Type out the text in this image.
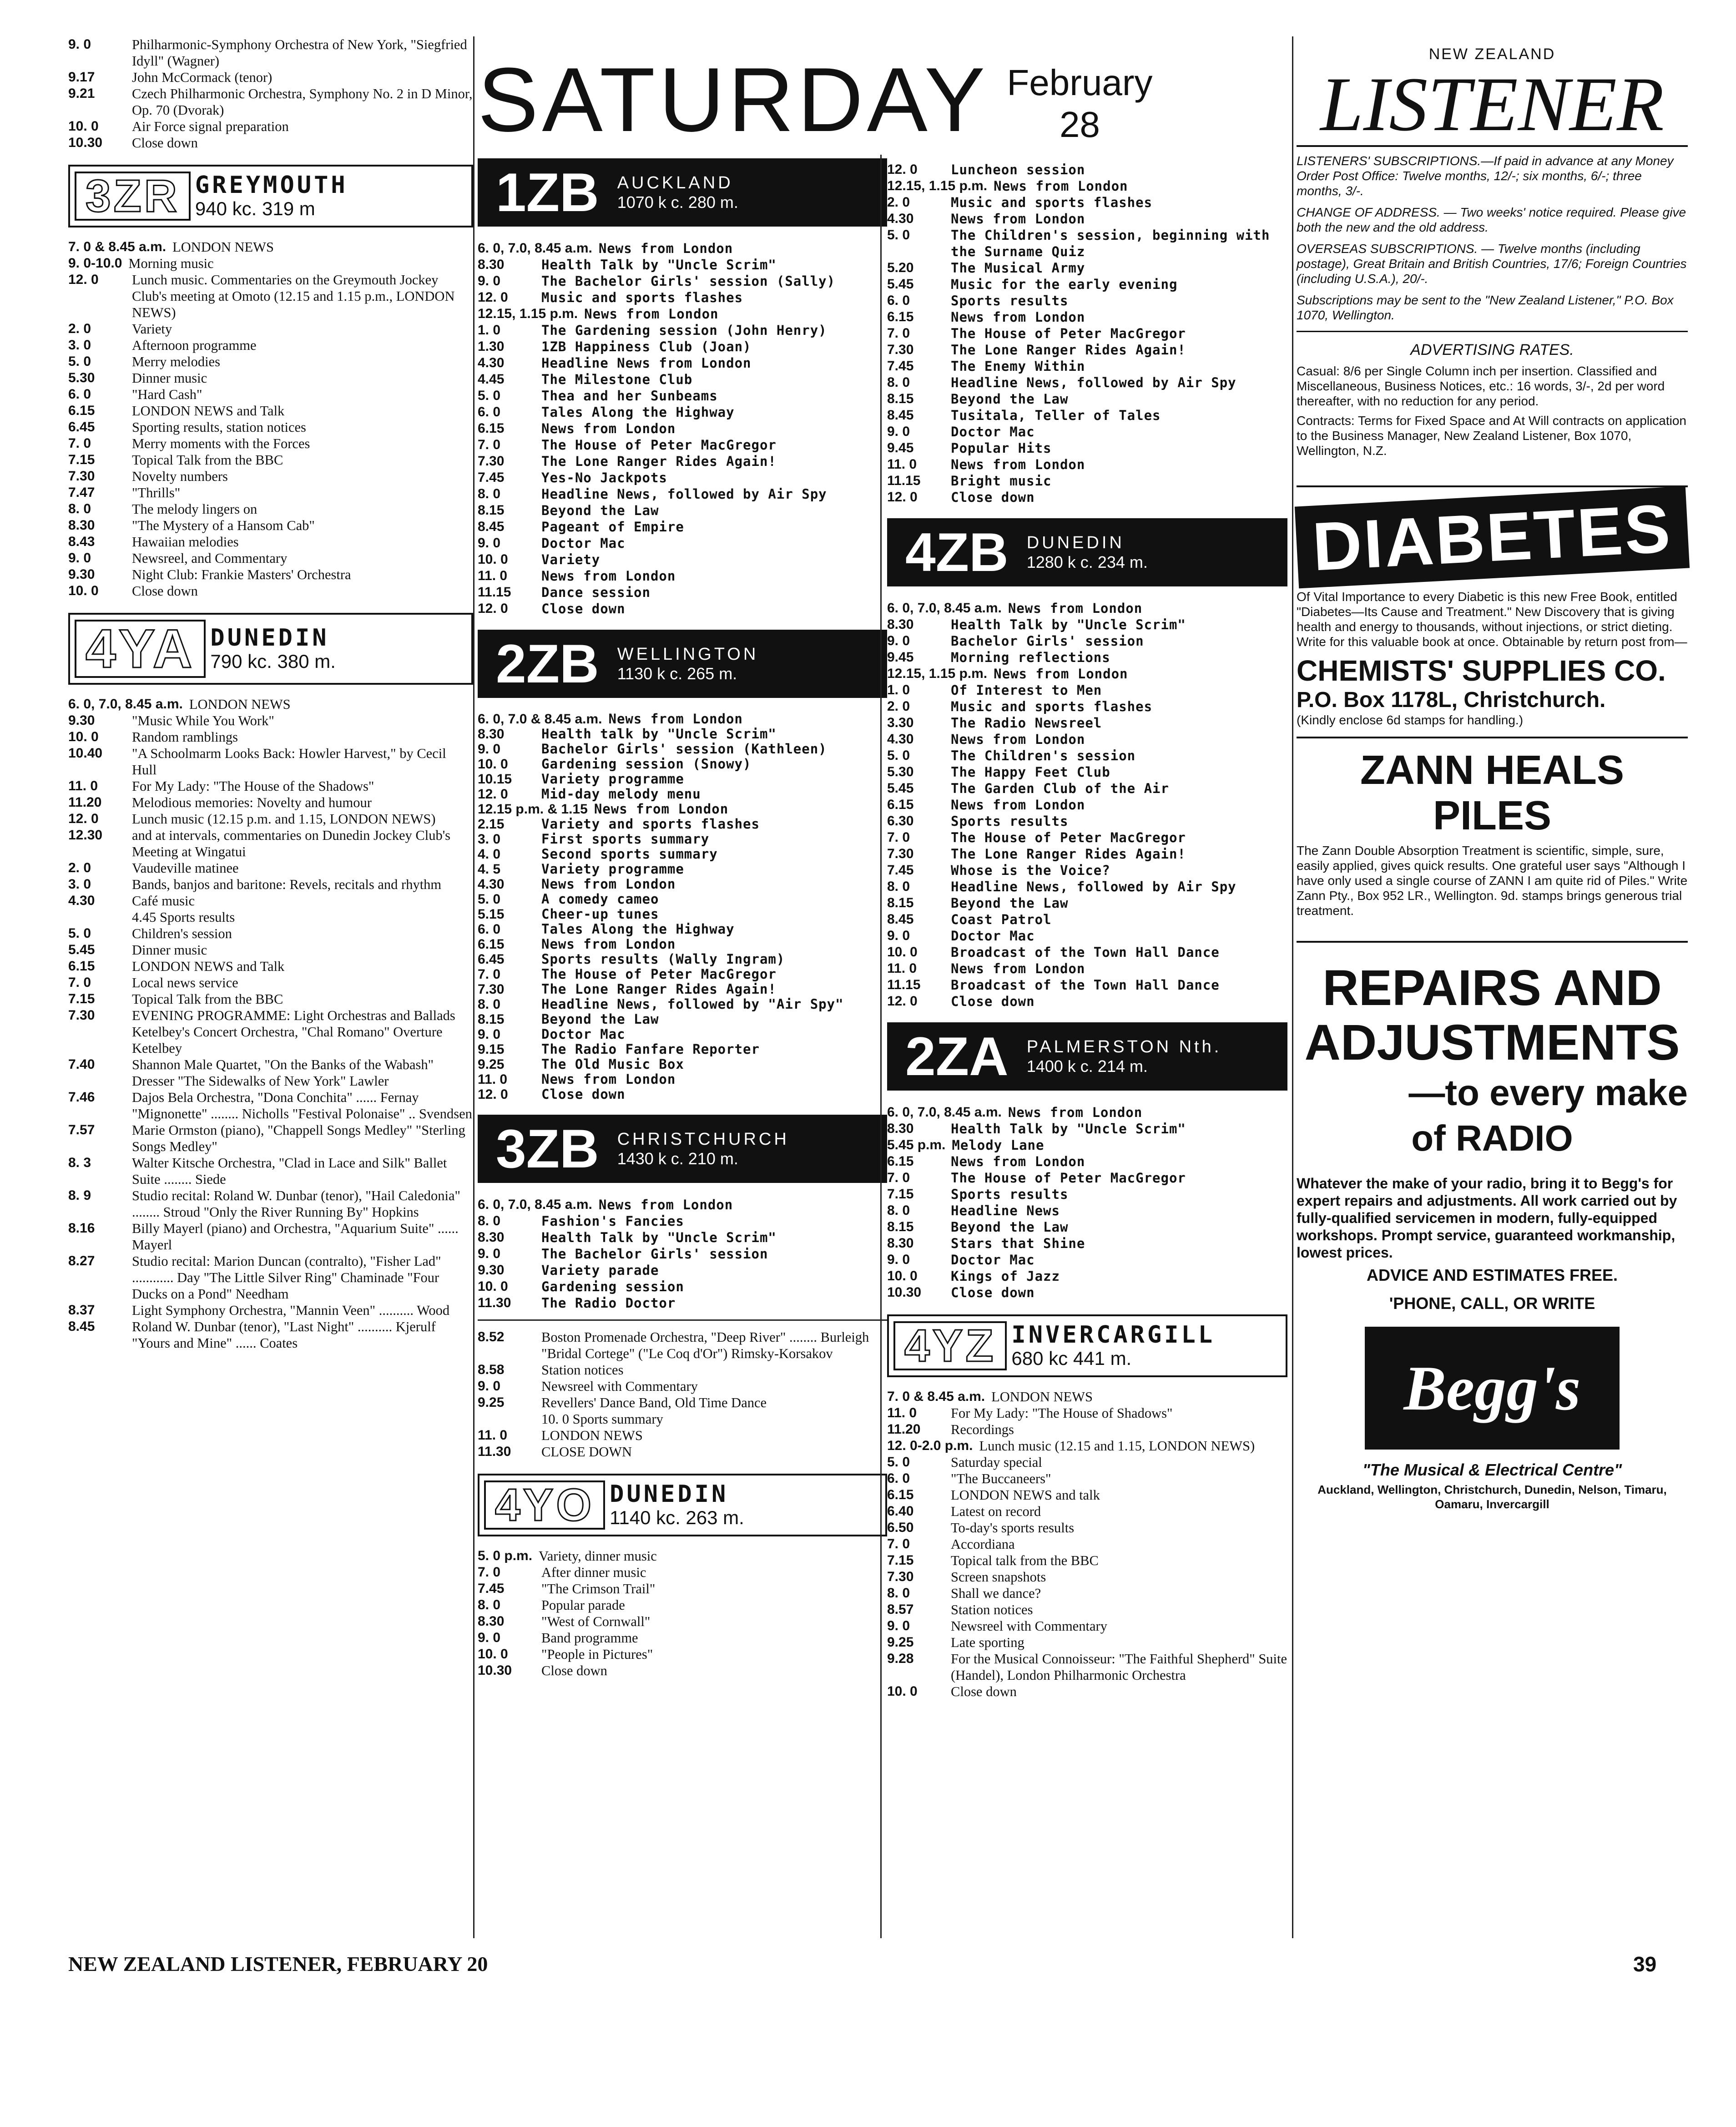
9. 0	Philharmonic-Symphony Orchestra of New York, "Siegfried Idyll" (Wagner)
9.17	John McCormack (tenor)
9.21	Czech Philharmonic Orchestra, Symphony No. 2 in D Minor, Op. 70 (Dvorak)
10. 0	Air Force signal preparation
10.30	Close down
3ZR GREYMOUTH
940 kc. 319 m
7. 0 & 8.45 a.m. LONDON NEWS
9. 0-10.0 Morning music
12. 0	Lunch music. Commentaries on the Greymouth Jockey Club's meeting at Omoto (12.15 and 1.15 p.m., LONDON NEWS)
2. 0	Variety
3. 0	Afternoon programme
5. 0	Merry melodies
5.30	Dinner music
6. 0	"Hard Cash"
6.15	LONDON NEWS and Talk
6.45	Sporting results, station notices
7. 0	Merry moments with the Forces
7.15	Topical Talk from the BBC
7.30	Novelty numbers
7.47	"Thrills"
8. 0	The melody lingers on
8.30	"The Mystery of a Hansom Cab"
8.43	Hawaiian melodies
9. 0	Newsreel, and Commentary
9.30	Night Club: Frankie Masters' Orchestra
10. 0	Close down
4YA DUNEDIN
790 kc. 380 m.
6. 0, 7.0, 8.45 a.m. LONDON NEWS
9.30	"Music While You Work"
10. 0	Random ramblings
10.40	"A Schoolmarm Looks Back: Howler Harvest," by Cecil Hull
11. 0	For My Lady: "The House of the Shadows"
11.20	Melodious memories: Novelty and humour
12. 0	Lunch music (12.15 p.m. and 1.15, LONDON NEWS)
12.30	and at intervals, commentaries on Dunedin Jockey Club's Meeting at Wingatui
2. 0	Vaudeville matinee
3. 0	Bands, banjos and baritone: Revels, recitals and rhythm
4.30	Café music
4.45 Sports results
5. 0	Children's session
5.45	Dinner music
6.15	LONDON NEWS and Talk
7. 0	Local news service
7.15	Topical Talk from the BBC
7.30	EVENING PROGRAMME: Light Orchestras and Ballads Ketelbey's Concert Orchestra, "Chal Romano" Overture Ketelbey
7.40	Shannon Male Quartet, "On the Banks of the Wabash" Dresser "The Sidewalks of New York" Lawler
7.46	Dajos Bela Orchestra, "Dona Conchita" ...... Fernay "Mignonette" ........ Nicholls "Festival Polonaise" .. Svendsen
7.57	Marie Ormston (piano), "Chappell Songs Medley" "Sterling Songs Medley"
8. 3	Walter Kitsche Orchestra, "Clad in Lace and Silk" Ballet Suite ........ Siede
8. 9	Studio recital: Roland W. Dunbar (tenor), "Hail Caledonia" ........ Stroud "Only the River Running By" Hopkins
8.16	Billy Mayerl (piano) and Orchestra, "Aquarium Suite" ...... Mayerl
8.27	Studio recital: Marion Duncan (contralto), "Fisher Lad" ............ Day "The Little Silver Ring" Chaminade "Four Ducks on a Pond" Needham
8.37	Light Symphony Orchestra, "Mannin Veen" .......... Wood
8.45	Roland W. Dunbar (tenor), "Last Night" .......... Kjerulf "Yours and Mine" ...... Coates
SATURDAY February
28
1ZB	AUCKLAND
1070 k c. 280 m.
6. 0, 7.0, 8.45 a.m. News from London
8.30	Health Talk by "Uncle Scrim"
9. 0	The Bachelor Girls' session (Sally)
12. 0	Music and sports flashes
12.15, 1.15 p.m. News from London
1. 0	The Gardening session (John Henry)
1.30	1ZB Happiness Club (Joan)
4.30	Headline News from London
4.45	The Milestone Club
5. 0	Thea and her Sunbeams
6. 0	Tales Along the Highway
6.15	News from London
7. 0	The House of Peter MacGregor
7.30	The Lone Ranger Rides Again!
7.45	Yes-No Jackpots
8. 0	Headline News, followed by Air Spy
8.15	Beyond the Law
8.45	Pageant of Empire
9. 0	Doctor Mac
10. 0	Variety
11. 0	News from London
11.15	Dance session
12. 0	Close down
2ZB	WELLINGTON
1130 k c. 265 m.
6. 0, 7.0 & 8.45 a.m. News from London
8.30	Health talk by "Uncle Scrim"
9. 0	Bachelor Girls' session (Kathleen)
10. 0	Gardening session (Snowy)
10.15	Variety programme
12. 0	Mid-day melody menu
12.15 p.m. & 1.15 News from London
2.15	Variety and sports flashes
3. 0	First sports summary
4. 0	Second sports summary
4. 5	Variety programme
4.30	News from London
5. 0	A comedy cameo
5.15	Cheer-up tunes
6. 0	Tales Along the Highway
6.15	News from London
6.45	Sports results (Wally Ingram)
7. 0	The House of Peter MacGregor
7.30	The Lone Ranger Rides Again!
8. 0	Headline News, followed by "Air Spy"
8.15	Beyond the Law
9. 0	Doctor Mac
9.15	The Radio Fanfare Reporter
9.25	The Old Music Box
11. 0	News from London
12. 0	Close down
3ZB	CHRISTCHURCH
1430 k c. 210 m.
6. 0, 7.0, 8.45 a.m. News from London
8. 0	Fashion's Fancies
8.30	Health Talk by "Uncle Scrim"
9. 0	The Bachelor Girls' session
9.30	Variety parade
10. 0	Gardening session
11.30	The Radio Doctor
8.52	Boston Promenade Orchestra, "Deep River" ........ Burleigh "Bridal Cortege" ("Le Coq d'Or") Rimsky-Korsakov
8.58	Station notices
9. 0	Newsreel with Commentary
9.25	Revellers' Dance Band, Old Time Dance
10. 0 Sports summary
11. 0	LONDON NEWS
11.30	CLOSE DOWN
4YO DUNEDIN
1140 kc. 263 m.
5. 0 p.m. Variety, dinner music
7. 0	After dinner music
7.45	"The Crimson Trail"
8. 0	Popular parade
8.30	"West of Cornwall"
9. 0	Band programme
10. 0	"People in Pictures"
10.30	Close down
12. 0	Luncheon session
12.15, 1.15 p.m. News from London
2. 0	Music and sports flashes
4.30	News from London
5. 0	The Children's session, beginning with the Surname Quiz
5.20	The Musical Army
5.45	Music for the early evening
6. 0	Sports results
6.15	News from London
7. 0	The House of Peter MacGregor
7.30	The Lone Ranger Rides Again!
7.45	The Enemy Within
8. 0	Headline News, followed by Air Spy
8.15	Beyond the Law
8.45	Tusitala, Teller of Tales
9. 0	Doctor Mac
9.45	Popular Hits
11. 0	News from London
11.15	Bright music
12. 0	Close down
4ZB	DUNEDIN
1280 k c. 234 m.
6. 0, 7.0, 8.45 a.m. News from London
8.30	Health Talk by "Uncle Scrim"
9. 0	Bachelor Girls' session
9.45	Morning reflections
12.15, 1.15 p.m. News from London
1. 0	Of Interest to Men
2. 0	Music and sports flashes
3.30	The Radio Newsreel
4.30	News from London
5. 0	The Children's session
5.30	The Happy Feet Club
5.45	The Garden Club of the Air
6.15	News from London
6.30	Sports results
7. 0	The House of Peter MacGregor
7.30	The Lone Ranger Rides Again!
7.45	Whose is the Voice?
8. 0	Headline News, followed by Air Spy
8.15	Beyond the Law
8.45	Coast Patrol
9. 0	Doctor Mac
10. 0	Broadcast of the Town Hall Dance
11. 0	News from London
11.15	Broadcast of the Town Hall Dance
12. 0	Close down
2ZA	PALMERSTON Nth.
1400 k c. 214 m.
6. 0, 7.0, 8.45 a.m. News from London
8.30	Health Talk by "Uncle Scrim"
5.45 p.m. Melody Lane
6.15	News from London
7. 0	The House of Peter MacGregor
7.15	Sports results
8. 0	Headline News
8.15	Beyond the Law
8.30	Stars that Shine
9. 0	Doctor Mac
10. 0	Kings of Jazz
10.30	Close down
4YZ INVERCARGILL
680 kc 441 m.
7. 0 & 8.45 a.m. LONDON NEWS
11. 0	For My Lady: "The House of Shadows"
11.20	Recordings
12. 0-2.0 p.m. Lunch music (12.15 and 1.15, LONDON NEWS)
5. 0	Saturday special
6. 0	"The Buccaneers"
6.15	LONDON NEWS and talk
6.40	Latest on record
6.50	To-day's sports results
7. 0	Accordiana
7.15	Topical talk from the BBC
7.30	Screen snapshots
8. 0	Shall we dance?
8.57	Station notices
9. 0	Newsreel with Commentary
9.25	Late sporting
9.28	For the Musical Connoisseur: "The Faithful Shepherd" Suite (Handel), London Philharmonic Orchestra
10. 0	Close down
NEW ZEALAND
LISTENER
LISTENERS' SUBSCRIPTIONS.—If paid in advance at any Money Order Post Office: Twelve months, 12/-; six months, 6/-; three months, 3/-.
CHANGE OF ADDRESS. — Two weeks' notice required. Please give both the new and the old address.
OVERSEAS SUBSCRIPTIONS. — Twelve months (including postage), Great Britain and British Countries, 17/6; Foreign Countries (including U.S.A.), 20/-.
Subscriptions may be sent to the "New Zealand Listener," P.O. Box 1070, Wellington.
ADVERTISING RATES.
Casual: 8/6 per Single Column inch per insertion. Classified and Miscellaneous, Business Notices, etc.: 16 words, 3/-, 2d per word thereafter, with no reduction for any period.
Contracts: Terms for Fixed Space and At Will contracts on application to the Business Manager, New Zealand Listener, Box 1070, Wellington, N.Z.
DIABETES
Of Vital Importance to every Diabetic is this new Free Book, entitled "Diabetes—Its Cause and Treatment." New Discovery that is giving health and energy to thousands, without injections, or strict dieting. Write for this valuable book at once. Obtainable by return post from—
CHEMISTS' SUPPLIES CO.
P.O. Box 1178L, Christchurch.
(Kindly enclose 6d stamps for handling.)
ZANN HEALS PILES
The Zann Double Absorption Treatment is scientific, simple, sure, easily applied, gives quick results. One grateful user says "Although I have only used a single course of ZANN I am quite rid of Piles." Write Zann Pty., Box 952 LR., Wellington. 9d. stamps brings generous trial treatment.
REPAIRS AND
ADJUSTMENTS
—to every make
of RADIO
Whatever the make of your radio, bring it to Begg's for expert repairs and adjustments. All work carried out by fully-qualified servicemen in modern, fully-equipped workshops. Prompt service, guaranteed workmanship, lowest prices.
ADVICE AND ESTIMATES FREE.
'PHONE, CALL, OR WRITE
Begg's
"The Musical & Electrical Centre"
Auckland, Wellington, Christchurch, Dunedin, Nelson, Timaru, Oamaru, Invercargill
NEW ZEALAND LISTENER, FEBRUARY 20	39
